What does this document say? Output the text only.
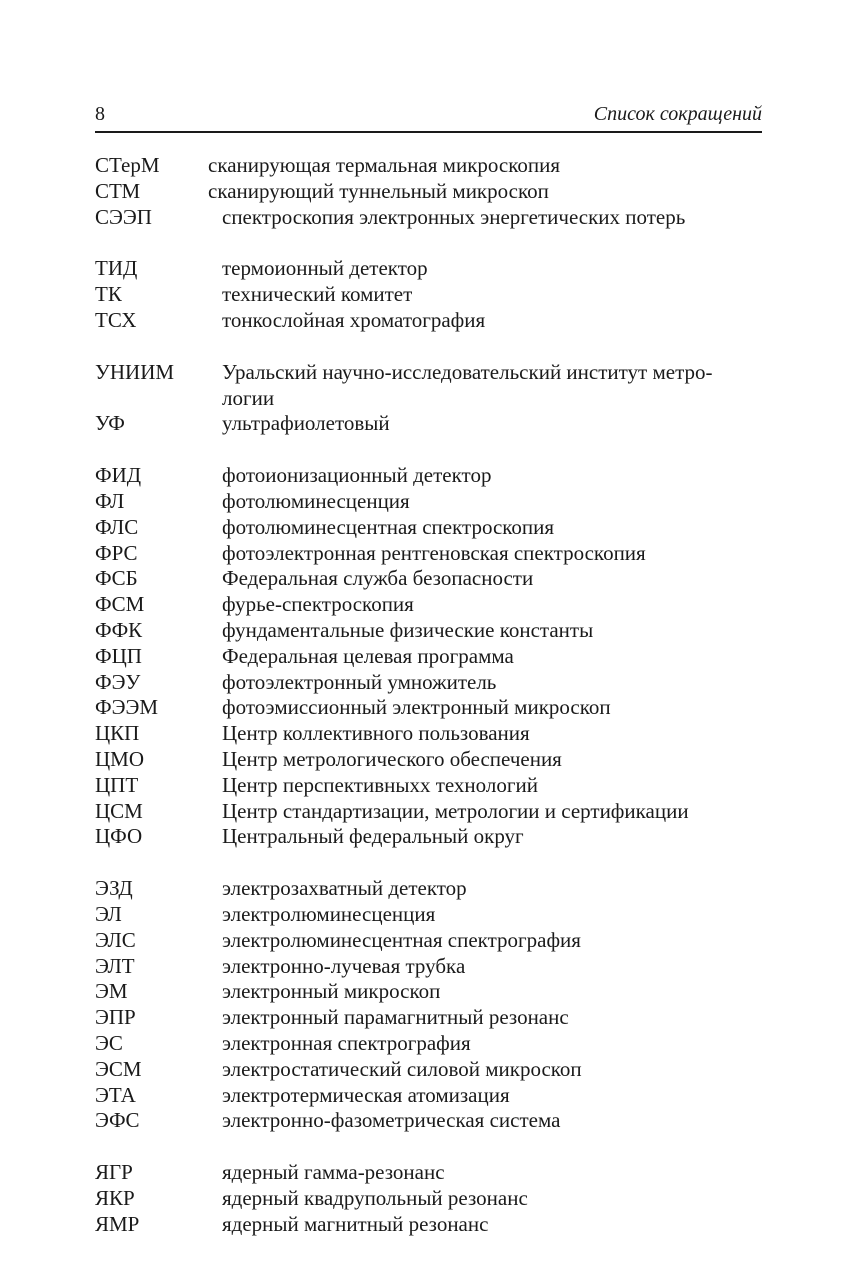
8	Список сокращений
СТерМ	сканирующая термальная микроскопия
СТМ	сканирующий туннельный микроскоп
СЭЭП	спектроскопия электронных энергетических потерь
ТИД	термоионный детектор
ТК	технический комитет
ТСХ	тонкослойная хроматография
УНИИМ	Уральский научно-исследовательский институт метро-
логии
УФ	ультрафиолетовый
ФИД	фотоионизационный детектор
ФЛ	фотолюминесценция
ФЛС	фотолюминесцентная спектроскопия
ФРС	фотоэлектронная рентгеновская спектроскопия
ФСБ	Федеральная служба безопасности
ФСМ	фурье-спектроскопия
ФФК	фундаментальные физические константы
ФЦП	Федеральная целевая программа
ФЭУ	фотоэлектронный умножитель
ФЭЭМ	фотоэмиссионный электронный микроскоп
ЦКП	Центр коллективного пользования
ЦМО	Центр метрологического обеспечения
ЦПТ	Центр перспективныхх технологий
ЦСМ	Центр стандартизации, метрологии и сертификации
ЦФО	Центральный федеральный округ
ЭЗД	электрозахватный детектор
ЭЛ	электролюминесценция
ЭЛС	электролюминесцентная спектрография
ЭЛТ	электронно-лучевая трубка
ЭМ	электронный микроскоп
ЭПР	электронный парамагнитный резонанс
ЭС	электронная спектрография
ЭСМ	электростатический силовой микроскоп
ЭТА	электротермическая атомизация
ЭФС	электронно-фазометрическая система
ЯГР	ядерный гамма-резонанс
ЯКР	ядерный квадрупольный резонанс
ЯМР	ядерный магнитный резонанс
